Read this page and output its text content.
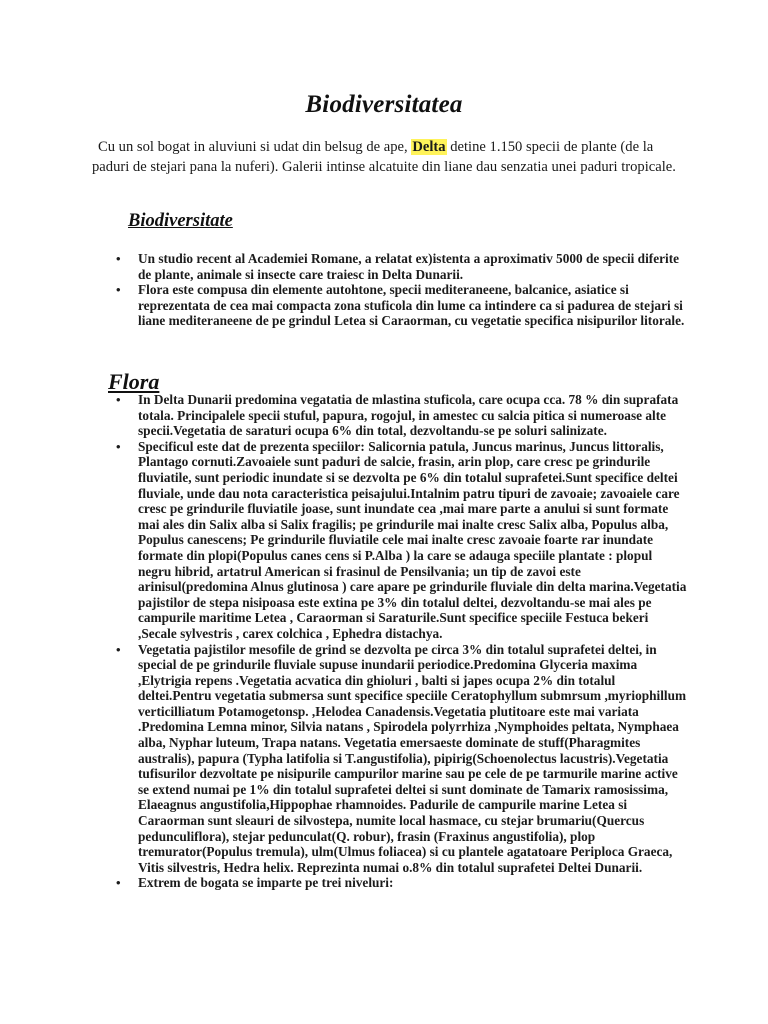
Biodiversitatea
Cu un sol bogat in aluviuni si udat din belsug de ape, Delta detine 1.150 specii de plante (de la paduri de stejari pana la nuferi). Galerii intinse alcatuite din liane dau senzatia unei paduri tropicale.
Biodiversitate
• Un studio recent al Academiei Romane, a relatat ex)istenta a aproximativ 5000 de specii diferite de plante, animale si insecte care traiesc in Delta Dunarii.
• Flora este compusa din elemente autohtone, specii mediteraneene, balcanice, asiatice si reprezentata de cea mai compacta zona stuficola din lume ca intindere ca si padurea de stejari si liane mediteraneene de pe grindul Letea si Caraorman, cu vegetatie specifica nisipurilor litorale.
Flora
• In Delta Dunarii predomina vegatatia de mlastina stuficola, care ocupa cca. 78 % din suprafata totala. Principalele specii stuful, papura, rogojul, in amestec cu salcia pitica si numeroase alte specii.Vegetatia de saraturi ocupa 6% din total, dezvoltandu-se pe soluri salinizate.
• Specificul este dat de prezenta speciilor: Salicornia patula, Juncus marinus, Juncus littoralis, Plantago cornuti.Zavoaiele sunt paduri de salcie, frasin, arin plop, care cresc pe grindurile fluviatile, sunt periodic inundate si se dezvolta pe 6% din totalul suprafetei.Sunt specifice deltei fluviale, unde dau nota caracteristica peisajului.Intalnim patru tipuri de zavoaie; zavoaiele care cresc pe grindurile fluviatile joase, sunt inundate cea ,mai mare parte a anului si sunt formate mai ales din Salix alba si Salix fragilis; pe grindurile mai inalte cresc Salix alba, Populus alba, Populus canescens; Pe grindurile fluviatile cele mai inalte cresc zavoaie foarte rar inundate formate din plopi(Populus canes cens si P.Alba ) la care se adauga speciile plantate : plopul negru hibrid, artatrul American si frasinul de Pensilvania; un tip de zavoi este arinisul(predomina Alnus glutinosa ) care apare pe grindurile fluviale din delta marina.Vegetatia pajistilor de stepa nisipoasa este extina pe 3% din totalul deltei, dezvoltandu-se mai ales pe campurile maritime Letea , Caraorman si Saraturile.Sunt specifice speciile Festuca bekeri ,Secale sylvestris , carex colchica , Ephedra distachya.
• Vegetatia pajistilor mesofile de grind se dezvolta pe circa 3% din totalul suprafetei deltei, in special de pe grindurile fluviale supuse inundarii periodice.Predomina Glyceria maxima ,Elytrigia repens .Vegetatia acvatica din ghioluri , balti si japes ocupa 2% din totalul deltei.Pentru vegetatia submersa sunt specifice speciile Ceratophyllum submrsum ,myriophillum verticilliatum Potamogetonsp. ,Helodea Canadensis.Vegetatia plutitoare este mai variata .Predomina Lemna minor, Silvia natans , Spirodela polyrrhiza ,Nymphoides peltata, Nymphaea alba, Nyphar luteum, Trapa natans. Vegetatia emersaeste dominate de stuff(Pharagmites australis), papura (Typha latifolia si T.angustifolia), pipirig(Schoenolectus lacustris).Vegetatia tufisurilor dezvoltate pe nisipurile campurilor marine sau pe cele de pe tarmurile marine active se extend numai pe 1% din totalul suprafetei deltei si sunt dominate de Tamarix ramosissima, Elaeagnus angustifolia,Hippophae rhamnoides. Padurile de campurile marine Letea si Caraorman sunt sleauri de silvostepa, numite local hasmace, cu stejar brumariu(Quercus pedunculiflora), stejar pedunculat(Q. robur), frasin (Fraxinus angustifolia), plop tremurator(Populus tremula), ulm(Ulmus foliacea) si cu plantele agatatoare Periploca Graeca, Vitis silvestris, Hedra helix. Reprezinta numai o.8% din totalul suprafetei Deltei Dunarii.
• Extrem de bogata se imparte pe trei niveluri:
